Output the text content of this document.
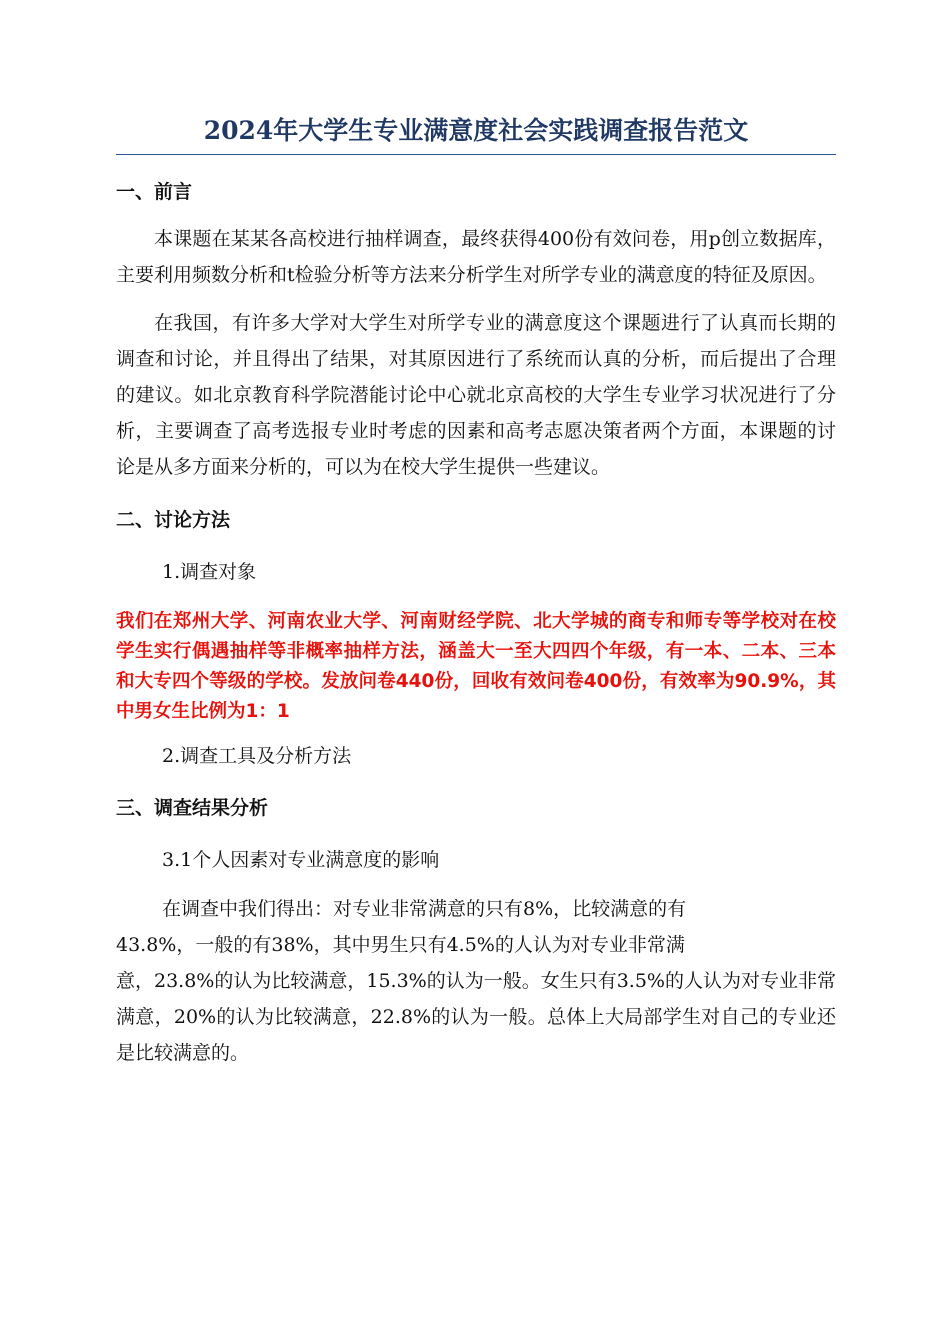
2024年大学生专业满意度社会实践调查报告范文
一、前言

本课题在某某各高校进行抽样调查，最终获得400份有效问卷，用p创立数据库，主要利用频数分析和t检验分析等方法来分析学生对所学专业的满意度的特征及原因。

在我国，有许多大学对大学生对所学专业的满意度这个课题进行了认真而长期的调查和讨论，并且得出了结果，对其原因进行了系统而认真的分析，而后提出了合理的建议。如北京教育科学院潜能讨论中心就北京高校的大学生专业学习状况进行了分析，主要调查了高考选报专业时考虑的因素和高考志愿决策者两个方面，本课题的讨论是从多方面来分析的，可以为在校大学生提供一些建议。

二、讨论方法

1.调查对象

我们在郑州大学、河南农业大学、河南财经学院、北大学城的商专和师专等学校对在校学生实行偶遇抽样等非概率抽样方法，涵盖大一至大四四个年级，有一本、二本、三本和大专四个等级的学校。发放问卷440份，回收有效问卷400份，有效率为90.9%，其中男女生比例为1：1

2.调查工具及分析方法

三、调查结果分析

3.1个人因素对专业满意度的影响

在调查中我们得出：对专业非常满意的只有8%，比较满意的有

43.8%，一般的有38%，其中男生只有4.5%的人认为对专业非常满

意，23.8%的认为比较满意，15.3%的认为一般。女生只有3.5%的人认为对专业非常满意，20%的认为比较满意，22.8%的认为一般。总体上大局部学生对自己的专业还是比较满意的。
